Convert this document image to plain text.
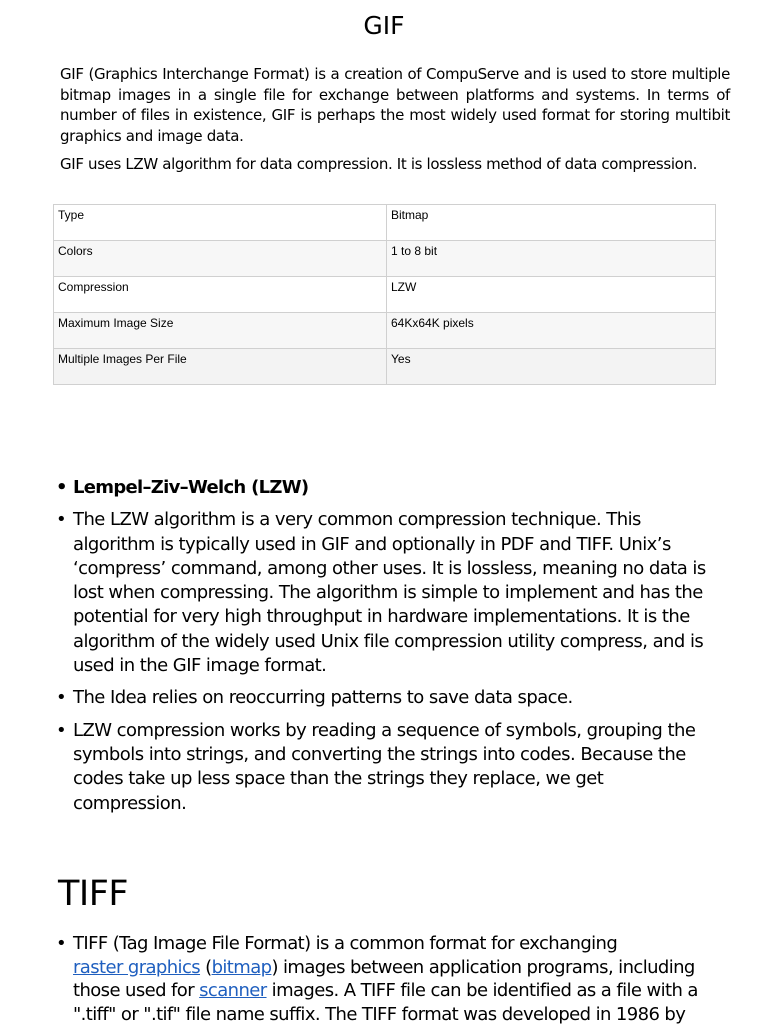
GIF
GIF (Graphics Interchange Format) is a creation of CompuServe and is used to store multiple bitmap images in a single file for exchange between platforms and systems. In terms of number of files in existence, GIF is perhaps the most widely used format for storing multibit graphics and image data.
GIF uses LZW algorithm for data compression. It is lossless method of data compression.
Type	Bitmap
Colors	1 to 8 bit
Compression	LZW
Maximum Image Size	64Kx64K pixels
Multiple Images Per File	Yes
• Lempel–Ziv–Welch (LZW)
• The LZW algorithm is a very common compression technique. This algorithm is typically used in GIF and optionally in PDF and TIFF. Unix’s ‘compress’ command, among other uses. It is lossless, meaning no data is lost when compressing. The algorithm is simple to implement and has the potential for very high throughput in hardware implementations. It is the algorithm of the widely used Unix file compression utility compress, and is used in the GIF image format.
• The Idea relies on reoccurring patterns to save data space.
• LZW compression works by reading a sequence of symbols, grouping the symbols into strings, and converting the strings into codes. Because the codes take up less space than the strings they replace, we get compression.
TIFF
• TIFF (Tag Image File Format) is a common format for exchanging
raster graphics (bitmap) images between application programs, including those used for scanner images. A TIFF file can be identified as a file with a ".tiff" or ".tif" file name suffix. The TIFF format was developed in 1986 by
